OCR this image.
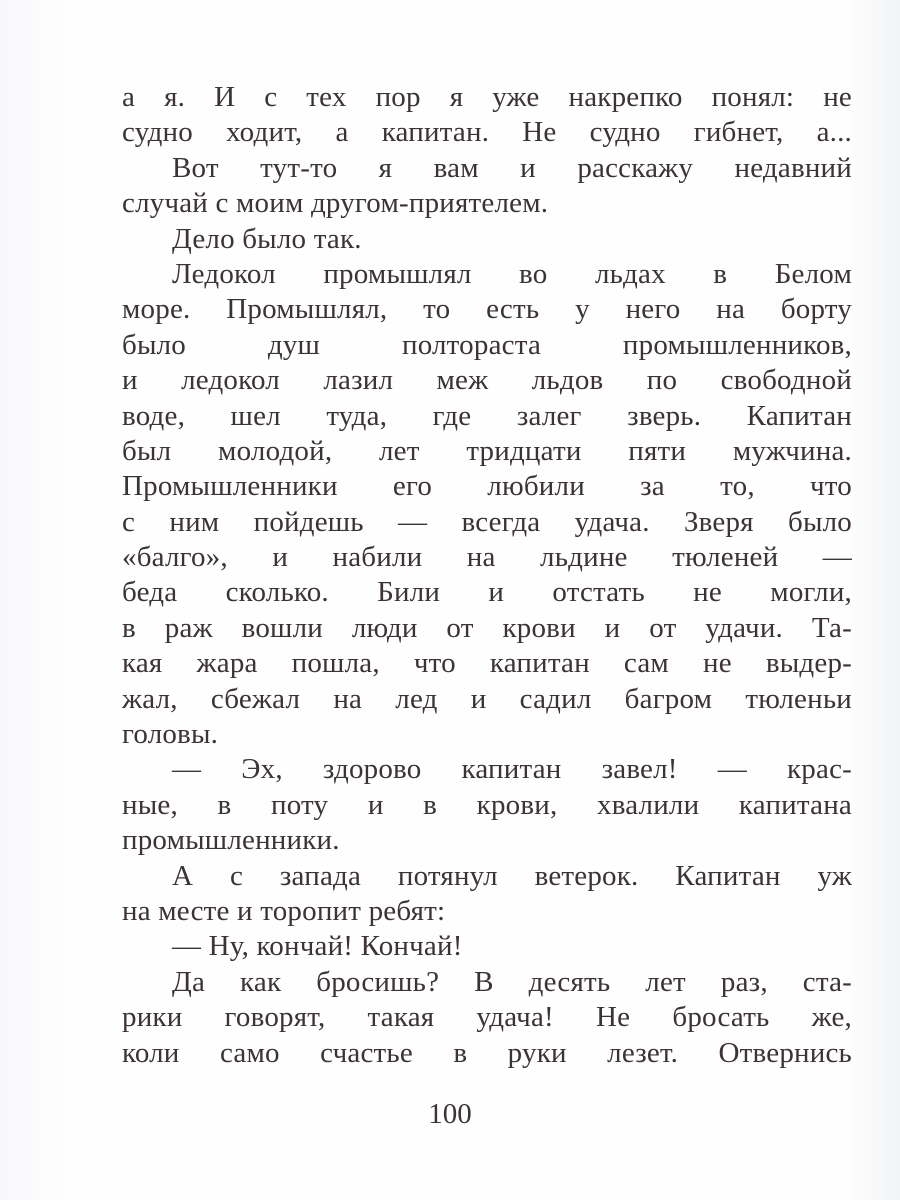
а я. И с тех пор я уже накрепко понял: не
судно ходит, а капитан. Не судно гибнет, а...
Вот тут-то я вам и расскажу недавний
случай с моим другом-приятелем.
Дело было так.
Ледокол промышлял во льдах в Белом
море. Промышлял, то есть у него на борту
было душ полтораста промышленников,
и ледокол лазил меж льдов по свободной
воде, шел туда, где залег зверь. Капитан
был молодой, лет тридцати пяти мужчина.
Промышленники его любили за то, что
с ним пойдешь — всегда удача. Зверя было
«балго», и набили на льдине тюленей —
беда сколько. Били и отстать не могли,
в раж вошли люди от крови и от удачи. Та-
кая жара пошла, что капитан сам не выдер-
жал, сбежал на лед и садил багром тюленьи
головы.
— Эх, здорово капитан завел! — крас-
ные, в поту и в крови, хвалили капитана
промышленники.
А с запада потянул ветерок. Капитан уж
на месте и торопит ребят:
— Ну, кончай! Кончай!
Да как бросишь? В десять лет раз, ста-
рики говорят, такая удача! Не бросать же,
коли само счастье в руки лезет. Отвернись
100
